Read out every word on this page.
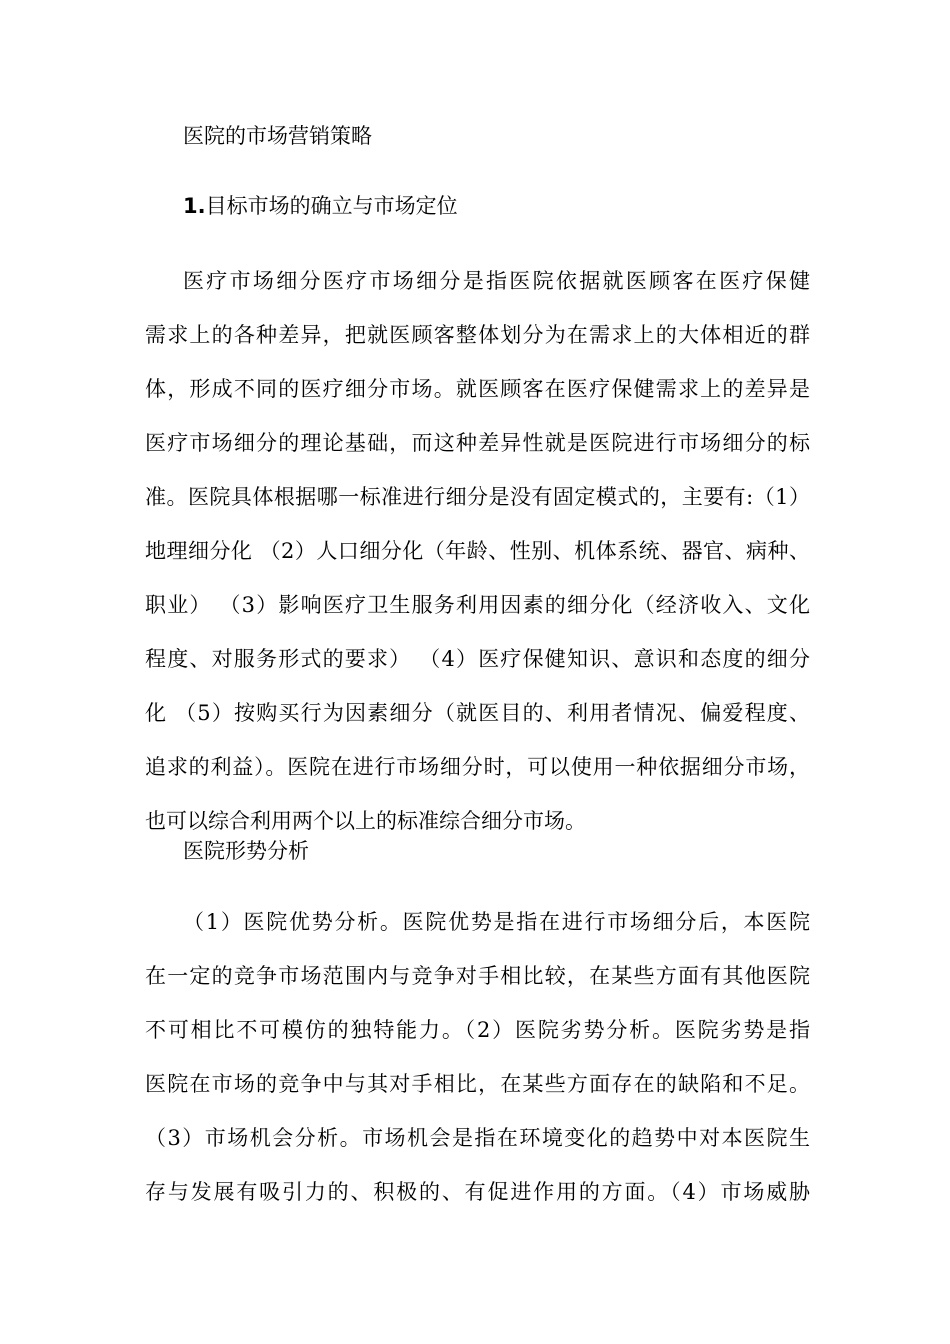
医院的市场营销策略
1.目标市场的确立与市场定位
医疗市场细分医疗市场细分是指医院依据就医顾客在医疗保健
需求上的各种差异，把就医顾客整体划分为在需求上的大体相近的群
体，形成不同的医疗细分市场。就医顾客在医疗保健需求上的差异是
医疗市场细分的理论基础，而这种差异性就是医院进行市场细分的标
准。医院具体根据哪一标准进行细分是没有固定模式的，主要有:（1）
地理细分化 （2）人口细分化（年龄、性别、机体系统、器官、病种、
职业） （3）影响医疗卫生服务利用因素的细分化（经济收入、文化
程度、对服务形式的要求） （4）医疗保健知识、意识和态度的细分
化 （5）按购买行为因素细分（就医目的、利用者情况、偏爱程度、
追求的利益）。医院在进行市场细分时，可以使用一种依据细分市场，
也可以综合利用两个以上的标准综合细分市场。
医院形势分析
（1）医院优势分析。医院优势是指在进行市场细分后，本医院
在一定的竞争市场范围内与竞争对手相比较，在某些方面有其他医院
不可相比不可模仿的独特能力。（2）医院劣势分析。医院劣势是指
医院在市场的竞争中与其对手相比，在某些方面存在的缺陷和不足。
（3）市场机会分析。市场机会是指在环境变化的趋势中对本医院生
存与发展有吸引力的、积极的、有促进作用的方面。（4）市场威胁
